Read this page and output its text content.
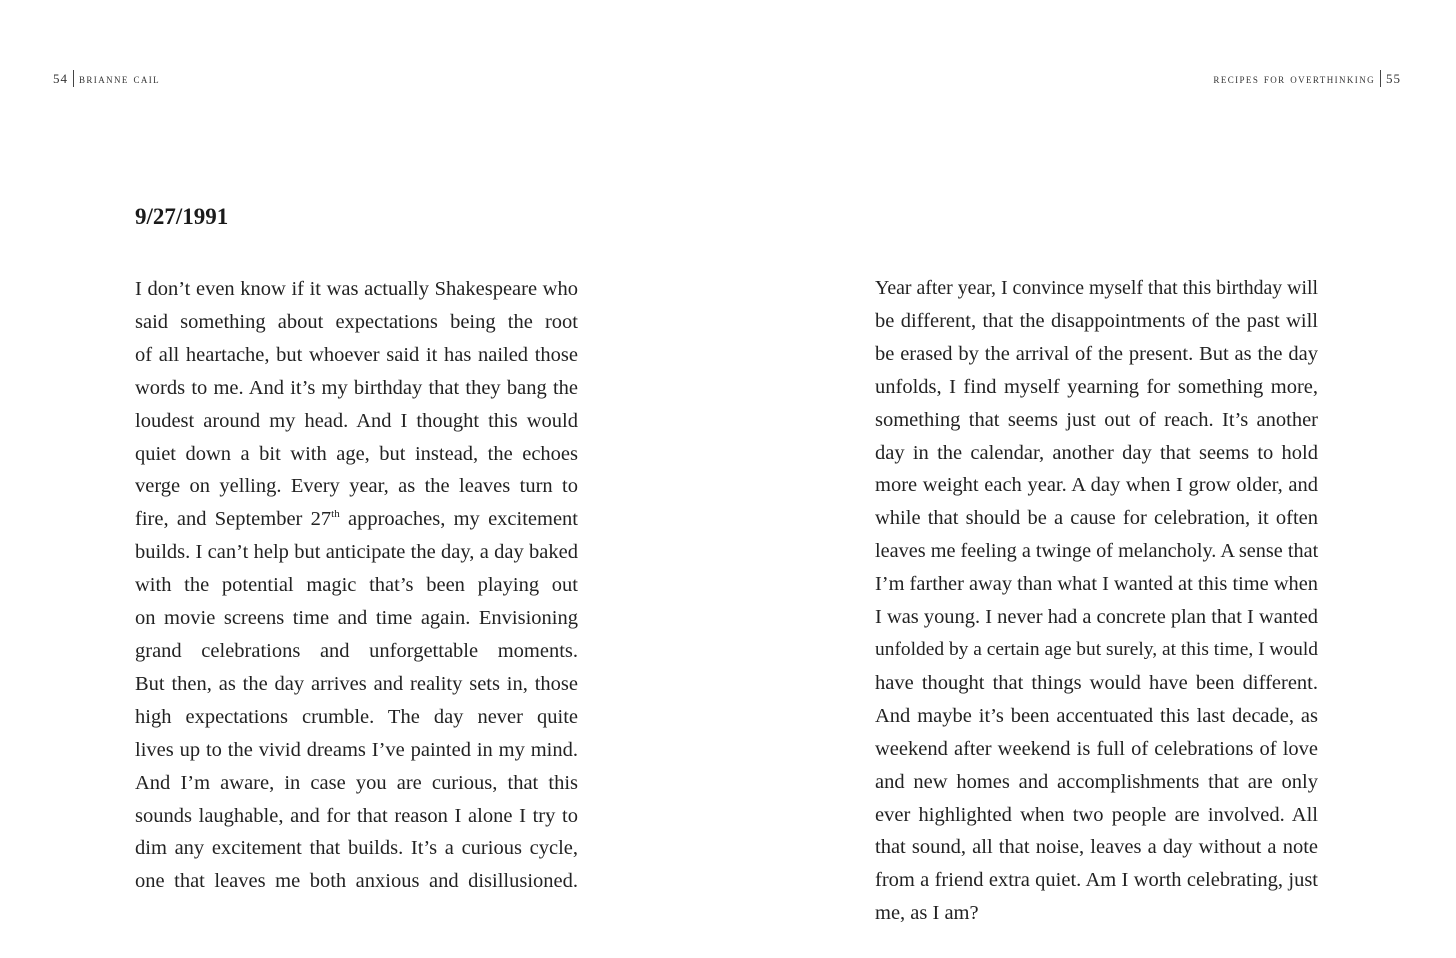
54 brianne cail
9/27/1991
I don’t even know if it was actually Shakespeare who
said something about expectations being the root
of all heartache, but whoever said it has nailed those
words to me. And it’s my birthday that they bang the
loudest around my head. And I thought this would
quiet down a bit with age, but instead, the echoes
verge on yelling. Every year, as the leaves turn to
fire, and September 27th approaches, my excitement
builds. I can’t help but anticipate the day, a day baked
with the potential magic that’s been playing out
on movie screens time and time again. Envisioning
grand celebrations and unforgettable moments.
But then, as the day arrives and reality sets in, those
high expectations crumble. The day never quite
lives up to the vivid dreams I’ve painted in my mind.
And I’m aware, in case you are curious, that this
sounds laughable, and for that reason I alone I try to
dim any excitement that builds. It’s a curious cycle,
one that leaves me both anxious and disillusioned.
recipes for overthinking 55
Year after year, I convince myself that this birthday will
be different, that the disappointments of the past will
be erased by the arrival of the present. But as the day
unfolds, I find myself yearning for something more,
something that seems just out of reach. It’s another
day in the calendar, another day that seems to hold
more weight each year. A day when I grow older, and
while that should be a cause for celebration, it often
leaves me feeling a twinge of melancholy. A sense that
I’m farther away than what I wanted at this time when
I was young. I never had a concrete plan that I wanted
unfolded by a certain age but surely, at this time, I would
have thought that things would have been different.
And maybe it’s been accentuated this last decade, as
weekend after weekend is full of celebrations of love
and new homes and accomplishments that are only
ever highlighted when two people are involved. All
that sound, all that noise, leaves a day without a note
from a friend extra quiet. Am I worth celebrating, just
me, as I am?
